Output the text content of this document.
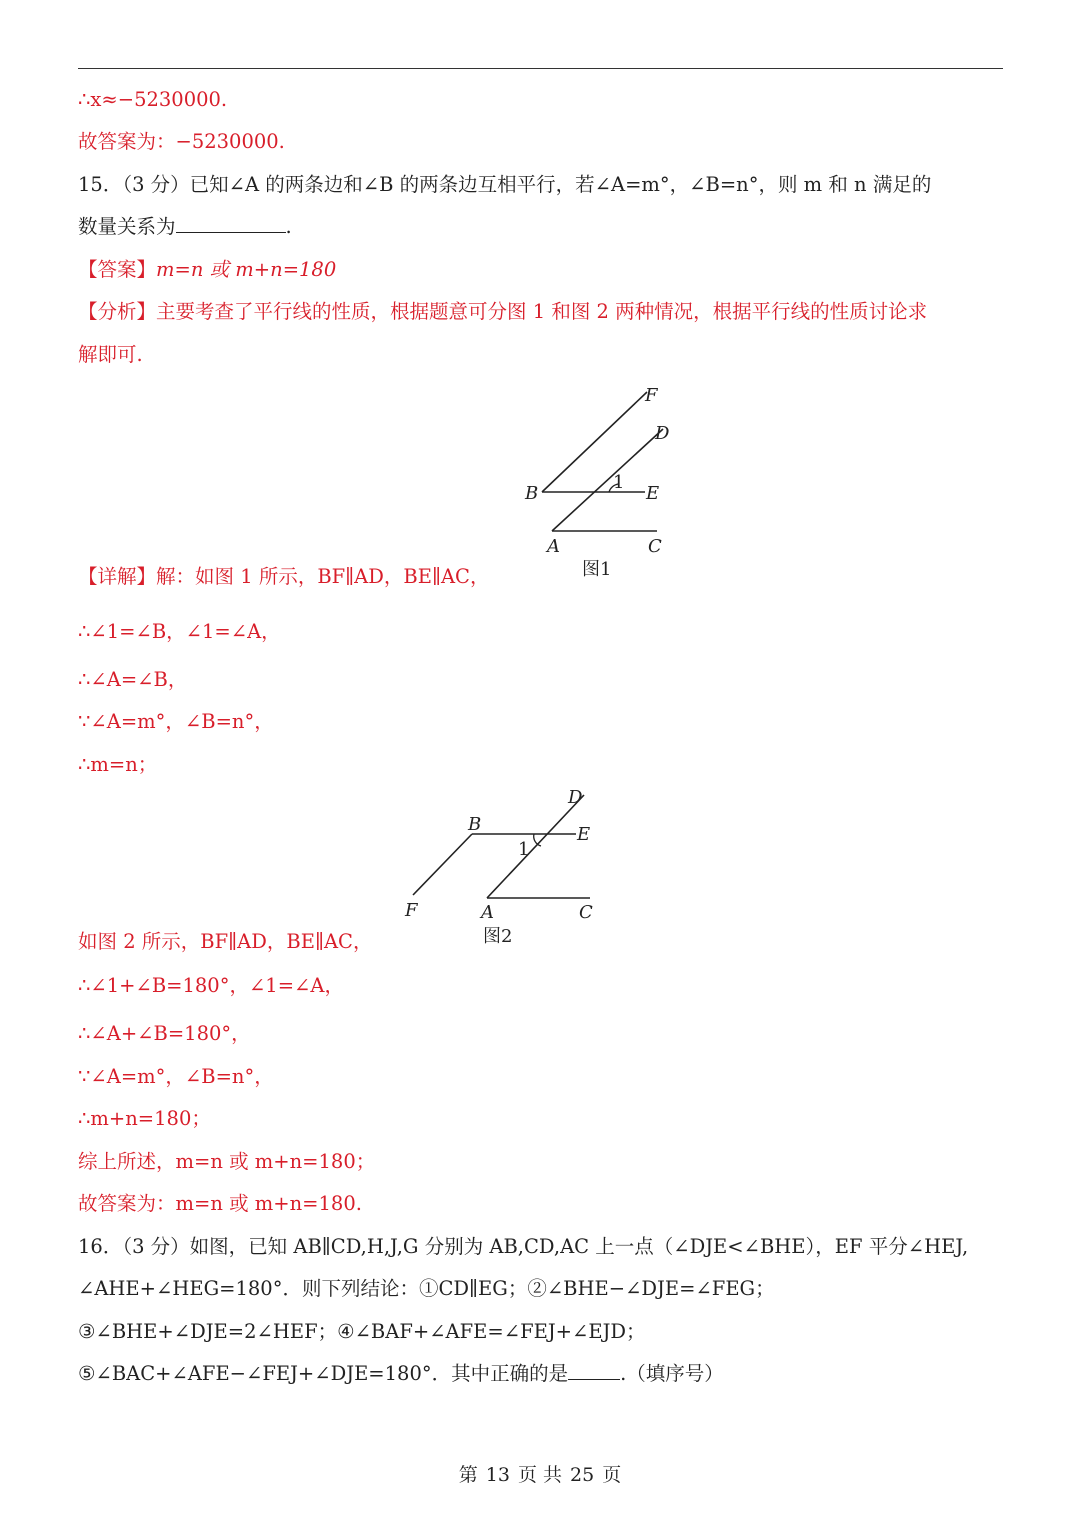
∴x≈−5230000.
故答案为：−5230000.
15．（3 分）已知∠A 的两条边和∠B 的两条边互相平行，若∠A=m°，∠B=n°，则 m 和 n 满足的
数量关系为	.
【答案】m=n 或 m+n=180
【分析】主要考查了平行线的性质，根据题意可分图 1 和图 2 两种情况，根据平行线的性质讨论求
解即可.
F
D
B
1
E
A	C
图1
【详解】解：如图 1 所示，BF∥AD，BE∥AC，
∴∠1=∠B，∠1=∠A，
∴∠A=∠B，
∵∠A=m°，∠B=n°，
∴m=n；
D
B	E
1
F	A	C
图2
如图 2 所示，BF∥AD，BE∥AC，
∴∠1+∠B=180°，∠1=∠A，
∴∠A+∠B=180°，
∵∠A=m°，∠B=n°，
∴m+n=180；
综上所述，m=n 或 m+n=180；
故答案为：m=n 或 m+n=180.
16．（3 分）如图，已知 AB∥CD,H,J,G 分别为 AB,CD,AC 上一点（∠DJE<∠BHE），EF 平分∠HEJ,
∠AHE+∠HEG=180°．则下列结论：①CD∥EG；②∠BHE−∠DJE=∠FEG；
③∠BHE+∠DJE=2∠HEF；④∠BAF+∠AFE=∠FEJ+∠EJD；
⑤∠BAC+∠AFE−∠FEJ+∠DJE=180°．其中正确的是	.（填序号）
第 13 页 共 25 页
